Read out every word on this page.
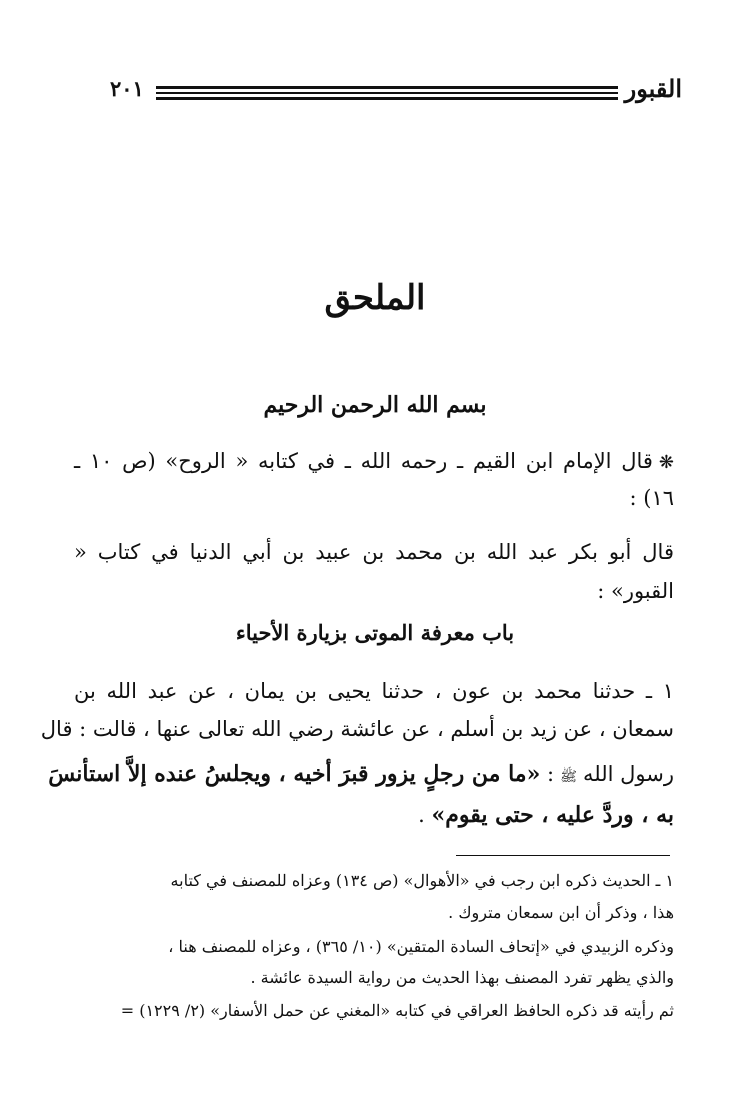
٢٠١	القبور
الملحق
بسم الله الرحمن الرحيم
❋قال الإمام ابن القيم ـ رحمه الله ـ في كتابه « الروح» (ص ١٠ ـ
١٦) :
قال أبو بكر عبد الله بن محمد بن عبيد بن أبي الدنيا في كتاب «
القبور» :
باب معرفة الموتى بزيارة الأحياء
١ ـ حدثنا محمد بن عون ، حدثنا يحيى بن يمان ، عن عبد الله بن
سمعان ، عن زيد بن أسلم ، عن عائشة رضي الله تعالى عنها ، قالت : قال
رسول اللهﷺ: «ما من رجلٍ يزور قبرَ أخيه ، ويجلسُ عنده إلاَّ استأنسَ
به ، وردَّ عليه ، حتى يقوم» .
١ ـ الحديث ذكره ابن رجب في «الأهوال» (ص ١٣٤) وعزاه للمصنف في كتابه
هذا ، وذكر أن ابن سمعان متروك .
وذكره الزبيدي في «إتحاف السادة المتقين» (١٠/ ٣٦٥) ، وعزاه للمصنف هنا ،
والذي يظهر تفرد المصنف بهذا الحديث من رواية السيدة عائشة .
ثم رأيته قد ذكره الحافظ العراقي في كتابه «المغني عن حمل الأسفار» (٢/ ١٢٢٩) =
